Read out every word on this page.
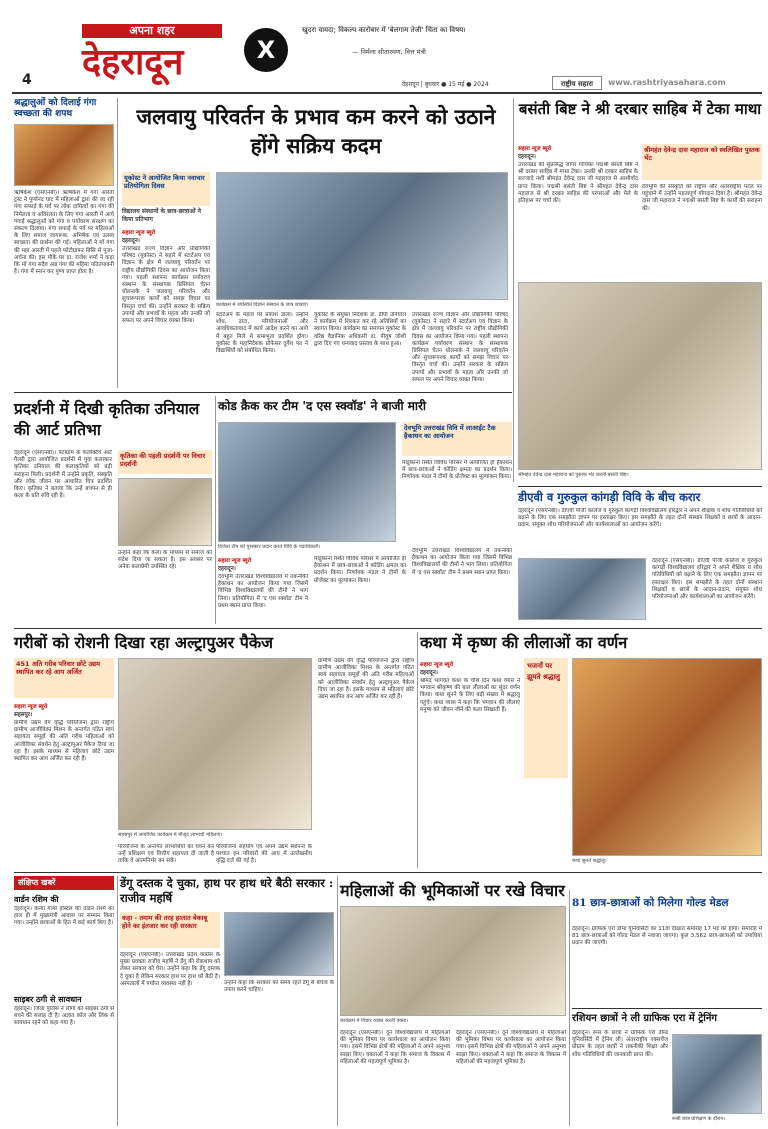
अपना शहर
देहरादून
4
X
खुदरा वायदा; विकल्प कारोबार में 'बेलगाम तेजी' चिंता का विषय।
— निर्मला सीतारमण, वित्त मंत्री
देहरादून | बुधवार ● 15 मई ● 2024	राष्ट्रीय सहारा	www.rashtriyasahara.com
श्रद्धालुओं को दिलाई गंगा स्वच्छता की शपथ
ऋषिकेश (एसएनबी)। ऋषिकेश में गंगा आरती ट्रस्ट ने पूर्णानंद घाट में महिलाओं द्वारा की जा रही गंगा सफाई के पर्व पर लोक दायित्वों का गंगा की निर्मलता व अविरलता के लिए गंगा आरती में आये गंगाई श्रद्धालुओं को गंगा व पर्यावरण संरक्षण का संकल्प दिलाया। गंगा सफाई के पर्व पर महिलाओं के लिए समाज जागरूक, अभिषेक एवं उत्सव स्वच्छता की प्रार्थना की गई। महिलाओं ने माँ गंगा की महा आरती में पहले फोटोग्राफर बिसि से पूजा-अर्चना की। इस मौके पर डा. राजेश शर्मा ने कहा कि माँ गंगा सदैव अन्न गंगा की महिमा पतितपावनी है। गंगा में स्नान कर पुण्य प्राप्त होता है।
जलवायु परिवर्तन के प्रभाव कम करने को उठाने होंगे सक्रिय कदम
यूकोस्ट ने आयोजित किया नवाचार प्रतियोगिता दिवस
विद्यालय संस्थानों के छात्र-छात्राओं ने किया प्रतिभाग
सहारा न्यूज ब्यूरो
देहरादून।
उत्तराखंड राज्य विज्ञान और प्रौद्योगिकी परिषद (यूकोस्ट) ने सहारे में स्टार्टअप एवं विज्ञान के क्षेत्र में जलवायु परिवर्तन पर राष्ट्रीय प्रौद्योगिकी दिवस का आयोजन किया गया। पहली स्थापना कार्यक्रम पर्यावरण संस्थान के संस्थापक प्रिसिपल चेतन धोलनाके ने जलवायु परिवर्तन और सुचारूपरक कार्यों को समझ विचार पर विस्तृत चर्चा की। उन्होंने सरकार के सक्रिय उपायों और प्रभावों के महत्व और उनकी जो सफल पर अपने विचार व्यक्त किया।
कार्यक्रम में उपस्थित विज्ञान संस्थान के छात्र छात्राएं।
स्टार्टअप के महत्व पर प्रकाश डाला। उन्होंने शोध, डाटा, परियोजनाओं और आवधिकतावाद में कार्य आदेश करने का आगे में बहुत मिले थे सम्प्रभुता प्रदर्शित होगा। यूकोस्ट के महानिदेशक प्रोफेसर दुर्गेश पंत ने विद्यार्थियों को संबोधित किया।
यूकोस्ट के संयुक्त निदेशक डा. डीपी उनियाल ने कार्यक्रम में शिरकत कर रहे अतिथियों का स्वागत किया। कार्यक्रम का समापन यूकोस्ट के वरिष्ठ वैज्ञानिक अधिकारी डा. पीयूष जोशी द्वारा दिए गए धन्यवाद प्रस्ताव के साथ हुआ।
उत्तराखंड राज्य विज्ञान और प्रौद्योगिकी परिषद (यूकोस्ट) ने सहारे में स्टार्टअप एवं विज्ञान के क्षेत्र में जलवायु परिवर्तन पर राष्ट्रीय प्रौद्योगिकी दिवस का आयोजन किया गया। पहली स्थापना कार्यक्रम पर्यावरण संस्थान के संस्थापक प्रिसिपल चेतन धोलनाके ने जलवायु परिवर्तन और सुचारूपरक कार्यों को समझ विचार पर विस्तृत चर्चा की। उन्होंने सरकार के सक्रिय उपायों और प्रभावों के महत्व और उनकी जो सफल पर अपने विचार व्यक्त किया।
बसंती बिष्ट ने श्री दरबार साहिब में टेका माथा
सहारा न्यूज ब्यूरो
देहरादून।
उत्तराखंड की सुप्रसिद्ध जागर गायिका पद्मश्री बसंती बिष्ट ने श्री दरबार साहिब में माथा टेका। उनकी श्री दरबार साहिब के सज्जादे नशीं श्रीमहंत देवेन्द्र दास जी महाराज से आशीर्वाद प्राप्त किया। पद्मश्री बसंती बिष्ट ने श्रीमहंत देवेन्द्र दास महाराज से श्री दरबार साहिब की परंपराओं और मेले के इतिहास पर चर्चा की।
श्रीमहंत देवेन्द्र दास महाराज को स्वलिखित पुस्तक भेंट
देवभूमि की संस्कृति को राष्ट्रीय और अंतरराष्ट्रीय पटल पर पहुंचाने में उन्होंने महत्वपूर्ण योगदान दिया है। श्रीमहंत देवेन्द्र दास जी महाराज ने पद्मश्री बसंती बिष्ट के कार्यों की सराहना की।
श्रीमहंत देवेन्द्र दास महाराज को पुस्तक भेंट करती बसंती बिष्ट।
प्रदर्शनी में दिखी कृतिका उनियाल की आर्ट प्रतिभा
देहरादून (एसएनबी)। पेंटाग्राम के कलेक्टिव आर्ट गैलरी द्वारा आयोजित प्रदर्शनी में युवा कलाकार कृतिका उनियाल की कलाकृतियों को बड़ी सराहना मिली। प्रदर्शनी में उन्होंने प्रकृति, संस्कृति और लोक जीवन पर आधारित चित्र प्रदर्शित किए। कृतिका ने बताया कि उन्हें बचपन से ही कला के प्रति रुचि रही है।
कृतिका की पहली प्रदर्शनी पर विचार प्रदर्शनी
उन्होंने कहा कि कला के माध्यम से समाज को संदेश दिया जा सकता है। इस अवसर पर अनेक कलाप्रेमी उपस्थित रहे।
कोड क्रैक कर टीम 'द एस स्क्वॉड' ने बाजी मारी
विजेता टीम को पुरस्कार प्रदान करते विवि के पदाधिकारी।
देवभूमि उत्तराखंड विवि में लाआईट टैक हैकाथन का आयोजन
मांडूकाना स्थित विविध परिसर में आयोजित हो हैकाथन में छात्र-छात्राओं ने कोडिंग क्षमता का प्रदर्शन किया। निर्णायक मंडल ने टीमों के प्रोजेक्ट का मूल्यांकन किया।
सहारा न्यूज ब्यूरो
देहरादून।
देवभूमि उत्तराखंड विश्वविद्यालय में तकनीकी हैकाथन का आयोजन किया गया जिसमें विभिन्न विश्वविद्यालयों की टीमों ने भाग लिया। प्रतियोगिता में 'द एस स्क्वॉड' टीम ने प्रथम स्थान प्राप्त किया।
मांडूकाना स्थित विविध परिसर में आयोजित हो हैकाथन में छात्र-छात्राओं ने कोडिंग क्षमता का प्रदर्शन किया। निर्णायक मंडल ने टीमों के प्रोजेक्ट का मूल्यांकन किया।
देवभूमि उत्तराखंड विश्वविद्यालय में तकनीकी हैकाथन का आयोजन किया गया जिसमें विभिन्न विश्वविद्यालयों की टीमों ने भाग लिया। प्रतियोगिता में 'द एस स्क्वॉड' टीम ने प्रथम स्थान प्राप्त किया।
डीएवी व गुरुकुल कांगड़ी विवि के बीच करार
देहरादून (एसएनबी)। डीएवी पीजी कालेज व गुरुकुल कांगड़ी विश्वविद्यालय हरिद्वार ने अपने शैक्षिक व शोध गतिविधियों को बढ़ाने के लिए एक समझौता ज्ञापन पर हस्ताक्षर किए। इस समझौते के तहत दोनों संस्थान शिक्षकों व छात्रों के आदान-प्रदान, संयुक्त शोध परियोजनाओं और कार्यशालाओं का आयोजन करेंगे।
देहरादून (एसएनबी)। डीएवी पीजी कालेज व गुरुकुल कांगड़ी विश्वविद्यालय हरिद्वार ने अपने शैक्षिक व शोध गतिविधियों को बढ़ाने के लिए एक समझौता ज्ञापन पर हस्ताक्षर किए। इस समझौते के तहत दोनों संस्थान शिक्षकों व छात्रों के आदान-प्रदान, संयुक्त शोध परियोजनाओं और कार्यशालाओं का आयोजन करेंगे।
गरीबों को रोशनी दिखा रहा अल्ट्रापुअर पैकेज
451 अति गरीब परिवार छोटे उद्यम स्थापित कर रहे आय अर्जित
सहारा न्यूज ब्यूरो
सहसपुर।
ग्रामीण उद्यम वेग वृद्धि परियोजना द्वारा राष्ट्रीय ग्रामीण आजीविका मिशन के अन्तर्गत गठित स्वयं सहायता समूहों की अति गरीब महिलाओं को आजीविका संवर्धन हेतु अल्ट्रापुअर पैकेज दिया जा रहा है। इसके माध्यम से महिलाएं छोटे उद्यम स्थापित कर आय अर्जित कर रही हैं।
सहसपुर में आयोजित कार्यक्रम में मौजूद लाभार्थी महिलाएं।
परियोजना के अन्तर्गत लाभार्थियों का चयन कर उन्हें प्रशिक्षण एवं वित्तीय सहायता दी जाती है ताकि वे आत्मनिर्भर बन सकें।
परियोजना सहयोग एवं अपने उद्यम स्थापना के पश्चात इन परिवारों की आय में उल्लेखनीय वृद्धि दर्ज की गई है।
ग्रामीण उद्यम वेग वृद्धि परियोजना द्वारा राष्ट्रीय ग्रामीण आजीविका मिशन के अन्तर्गत गठित स्वयं सहायता समूहों की अति गरीब महिलाओं को आजीविका संवर्धन हेतु अल्ट्रापुअर पैकेज दिया जा रहा है। इसके माध्यम से महिलाएं छोटे उद्यम स्थापित कर आय अर्जित कर रही हैं।
कथा में कृष्ण की लीलाओं का वर्णन
सहारा न्यूज ब्यूरो
देहरादून।
श्रीमद भागवत कथा के चौथे दिन कथा व्यास ने भगवान श्रीकृष्ण की बाल लीलाओं का सुंदर वर्णन किया। कथा सुनने के लिए बड़ी संख्या में श्रद्धालु पहुंचे। कथा व्यास ने कहा कि भगवान की लीलाएं मनुष्य को जीवन जीने की कला सिखाती हैं।
भजनों पर झूमते श्रद्धालु
कथा सुनते श्रद्धालु।
संक्षिप्त खबरें
वार्डन रशिम की
देहरादून। कन्या गर्ल्स हॉस्टल की वार्डन रश्मि का हाल ही में मुख्यमंत्री आवास पर सम्मान किया गया। उन्होंने छात्राओं के हित में कई कार्य किए हैं।
साइबर ठगी से सावधान
देहरादून। जिला पुलिस ने लोगों को साइबर ठगी से बचने की सलाह दी है। अज्ञात कॉल और लिंक से सावधान रहने को कहा गया है।
डेंगू दस्तक दे चुका, हाथ पर हाथ धरे बैठी सरकार : राजीव महर्षि
कहा - तमाम की तरह हालात बेकाबू होने का इंतजार कर रही सरकार
देहरादून (एसएनबी)। उत्तराखंड प्रदेश कांग्रेस के मुख्य प्रवक्ता राजीव महर्षि ने डेंगू की रोकथाम को लेकर सरकार को घेरा। उन्होंने कहा कि डेंगू दस्तक दे चुका है लेकिन सरकार हाथ पर हाथ धरे बैठी है। अस्पतालों में पर्याप्त व्यवस्था नहीं है।	उन्होंने कहा कि सरकार को समय रहते डेंगू से बचाव के उपाय करने चाहिए।
महिलाओं की भूमिकाओं पर रखे विचार
कार्यक्रम में विचार व्यक्त करतीं वक्ता।
देहरादून (एसएनबी)। दून विश्वविद्यालय में महिलाओं की भूमिका विषय पर कार्यशाला का आयोजन किया गया। इसमें विभिन्न क्षेत्रों की महिलाओं ने अपने अनुभव साझा किए। वक्ताओं ने कहा कि समाज के विकास में महिलाओं की महत्वपूर्ण भूमिका है।
देहरादून (एसएनबी)। दून विश्वविद्यालय में महिलाओं की भूमिका विषय पर कार्यशाला का आयोजन किया गया। इसमें विभिन्न क्षेत्रों की महिलाओं ने अपने अनुभव साझा किए। वक्ताओं ने कहा कि समाज के विकास में महिलाओं की महत्वपूर्ण भूमिका है।
81 छात्र-छात्राओं को मिलेगा गोल्ड मेडल
देहरादून। ग्राफिक एरा डीम्ड यूनिवर्सिटी का 11वां दीक्षांत समारोह 17 मई को होगा। समारोह में 81 छात्र-छात्राओं को गोल्ड मेडल से नवाजा जाएगा। कुल 3,562 छात्र-छात्राओं को उपाधियां प्रदान की जाएंगी।
रशियन छात्रों ने ली ग्राफिक एरा में ट्रेनिंग
देहरादून। रूस के छात्रों ने ग्राफिक एरा डीम्ड यूनिवर्सिटी में ट्रेनिंग ली। अंतरराष्ट्रीय एक्सचेंज प्रोग्राम के तहत छात्रों ने तकनीकी शिक्षा और शोध गतिविधियों की जानकारी प्राप्त की।
रूसी छात्र प्रशिक्षण के दौरान।
